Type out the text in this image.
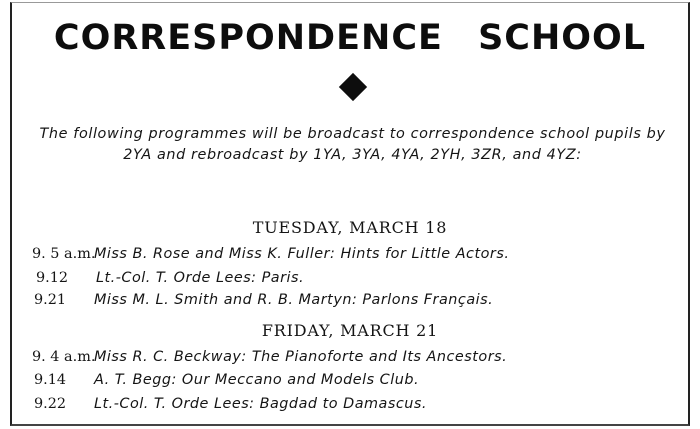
CORRESPONDENCE SCHOOL
The following programmes will be broadcast to correspondence school pupils by 2YA and rebroadcast by 1YA, 3YA, 4YA, 2YH, 3ZR, and 4YZ:
TUESDAY, MARCH 18
9. 5 a.m.Miss B. Rose and Miss K. Fuller: Hints for Little Actors.
9.12 Lt.-Col. T. Orde Lees: Paris.
9.21 Miss M. L. Smith and R. B. Martyn: Parlons Français.
FRIDAY, MARCH 21
9. 4 a.m.Miss R. C. Beckway: The Pianoforte and Its Ancestors.
9.14 A. T. Begg: Our Meccano and Models Club.
9.22 Lt.-Col. T. Orde Lees: Bagdad to Damascus.
